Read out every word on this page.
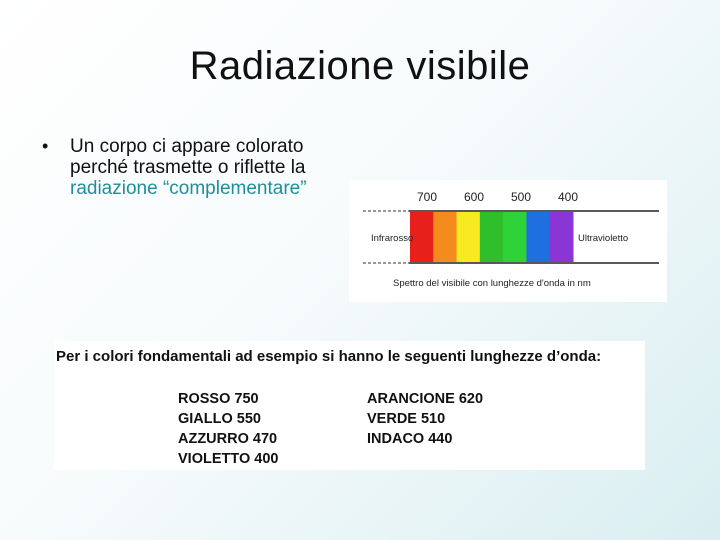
Radiazione visibile
• Un corpo ci appare colorato perché trasmette o riflette la radiazione “complementare”	700 600 500 400
Infrarosso	Ultravioletto
Spettro del visibile con lunghezze d'onda in nm
Per i colori fondamentali ad esempio si hanno le seguenti lunghezze d’onda:
ROSSO 750
GIALLO 550
AZZURRO 470
VIOLETTO 400
ARANCIONE 620
VERDE 510
INDACO 440
